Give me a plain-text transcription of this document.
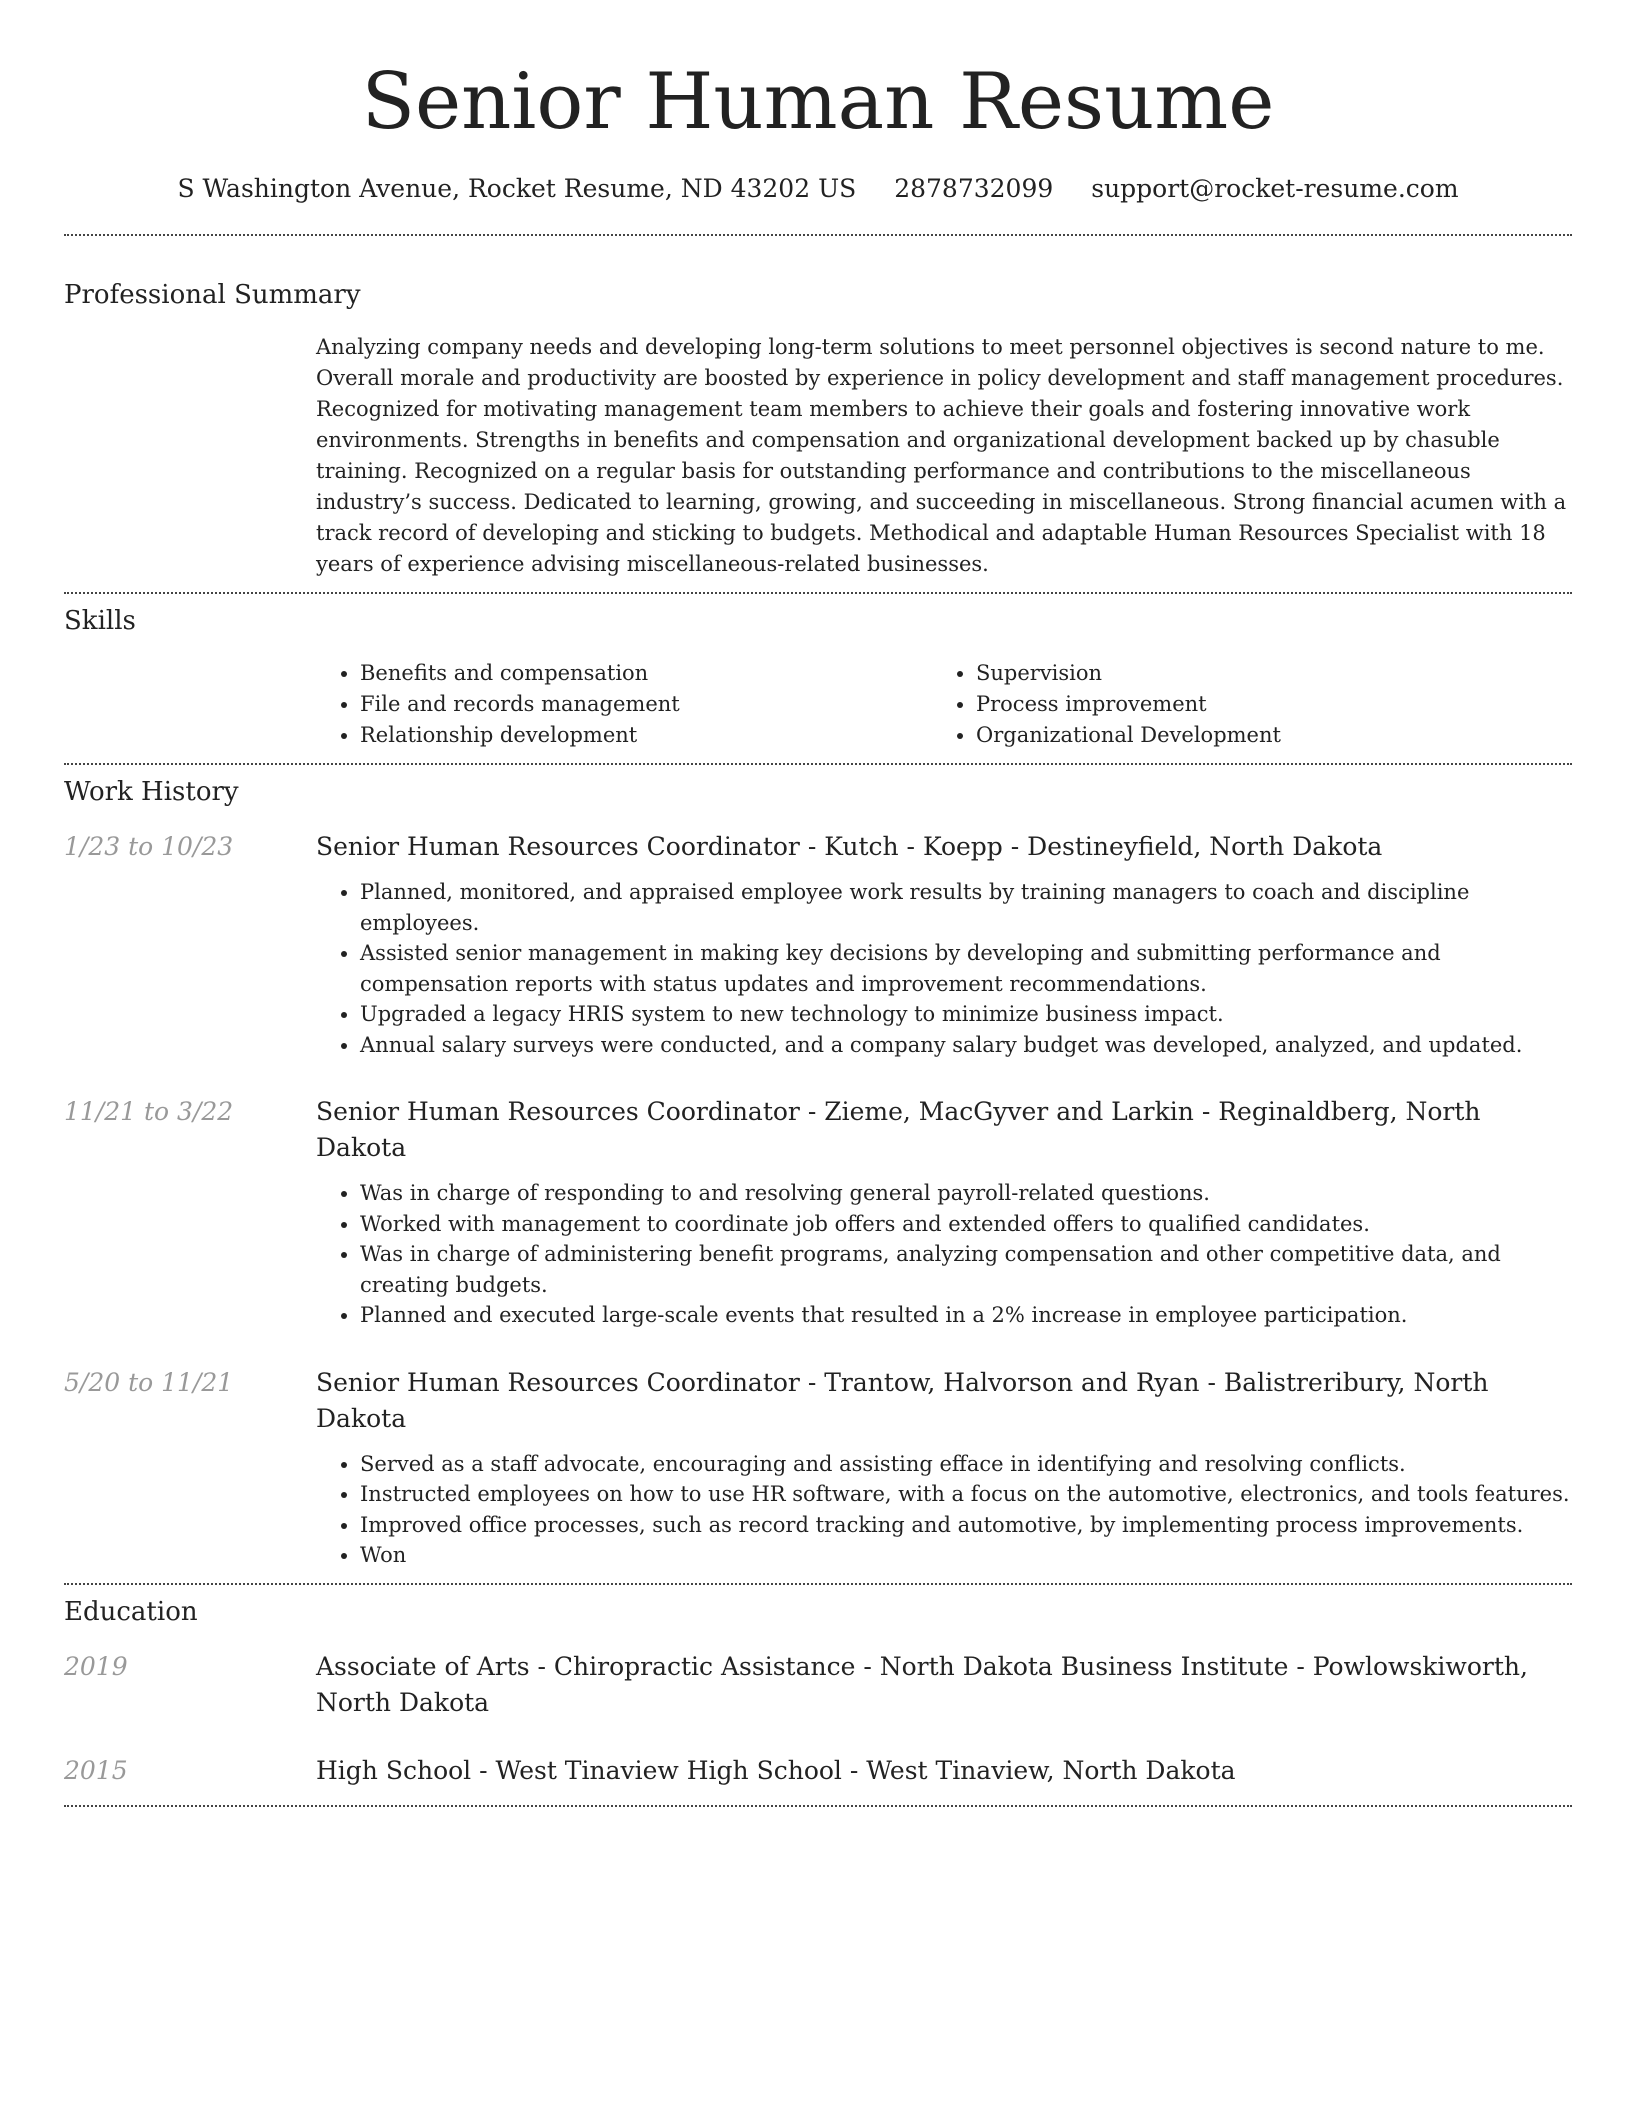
Senior Human Resume
S Washington Avenue, Rocket Resume, ND 43202 US 2878732099 support@rocket-resume.com
Professional Summary

Analyzing company needs and developing long-term solutions to meet personnel objectives is second nature to me. Overall morale and productivity are boosted by experience in policy development and staff management procedures. Recognized for motivating management team members to achieve their goals and fostering innovative work environments. Strengths in benefits and compensation and organizational development backed up by chasuble training. Recognized on a regular basis for outstanding performance and contributions to the miscellaneous industry’s success. Dedicated to learning, growing, and succeeding in miscellaneous. Strong financial acumen with a track record of developing and sticking to budgets. Methodical and adaptable Human Resources Specialist with 18 years of experience advising miscellaneous-related businesses.

Skills
• Benefits and compensation
• File and records management
• Relationship development
• Supervision
• Process improvement
• Organizational Development
Work History
1/23 to 10/23	Senior Human Resources Coordinator - Kutch - Koepp - Destineyfield, North Dakota
• Planned, monitored, and appraised employee work results by training managers to coach and discipline employees.
• Assisted senior management in making key decisions by developing and submitting performance and compensation reports with status updates and improvement recommendations.
• Upgraded a legacy HRIS system to new technology to minimize business impact.
• Annual salary surveys were conducted, and a company salary budget was developed, analyzed, and updated.
11/21 to 3/22	Senior Human Resources Coordinator - Zieme, MacGyver and Larkin - Reginaldberg, North Dakota
• Was in charge of responding to and resolving general payroll-related questions.
• Worked with management to coordinate job offers and extended offers to qualified candidates.
• Was in charge of administering benefit programs, analyzing compensation and other competitive data, and creating budgets.
• Planned and executed large-scale events that resulted in a 2% increase in employee participation.
5/20 to 11/21	Senior Human Resources Coordinator - Trantow, Halvorson and Ryan - Balistreribury, North Dakota
• Served as a staff advocate, encouraging and assisting efface in identifying and resolving conflicts.
• Instructed employees on how to use HR software, with a focus on the automotive, electronics, and tools features.
• Improved office processes, such as record tracking and automotive, by implementing process improvements.
• Won
Education
2019	Associate of Arts - Chiropractic Assistance - North Dakota Business Institute - Powlowskiworth, North Dakota
2015	High School - West Tinaview High School - West Tinaview, North Dakota
